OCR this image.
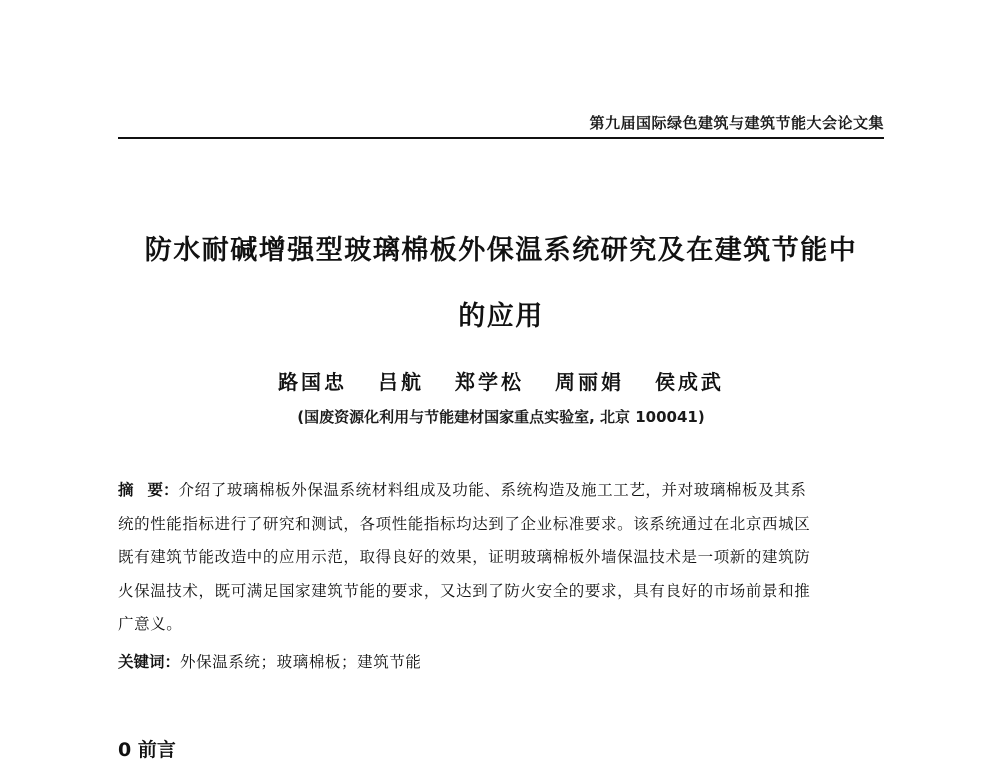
第九届国际绿色建筑与建筑节能大会论文集
防水耐碱增强型玻璃棉板外保温系统研究及在建筑节能中
的应用
路国忠 吕航 郑学松 周丽娟 侯成武
(国废资源化利用与节能建材国家重点实验室, 北京 100041)
摘 要：介绍了玻璃棉板外保温系统材料组成及功能、系统构造及施工工艺，并对玻璃棉板及其系
统的性能指标进行了研究和测试，各项性能指标均达到了企业标准要求。该系统通过在北京西城区
既有建筑节能改造中的应用示范，取得良好的效果，证明玻璃棉板外墙保温技术是一项新的建筑防
火保温技术，既可满足国家建筑节能的要求，又达到了防火安全的要求，具有良好的市场前景和推
广意义。
关键词：外保温系统；玻璃棉板；建筑节能
0 前言
